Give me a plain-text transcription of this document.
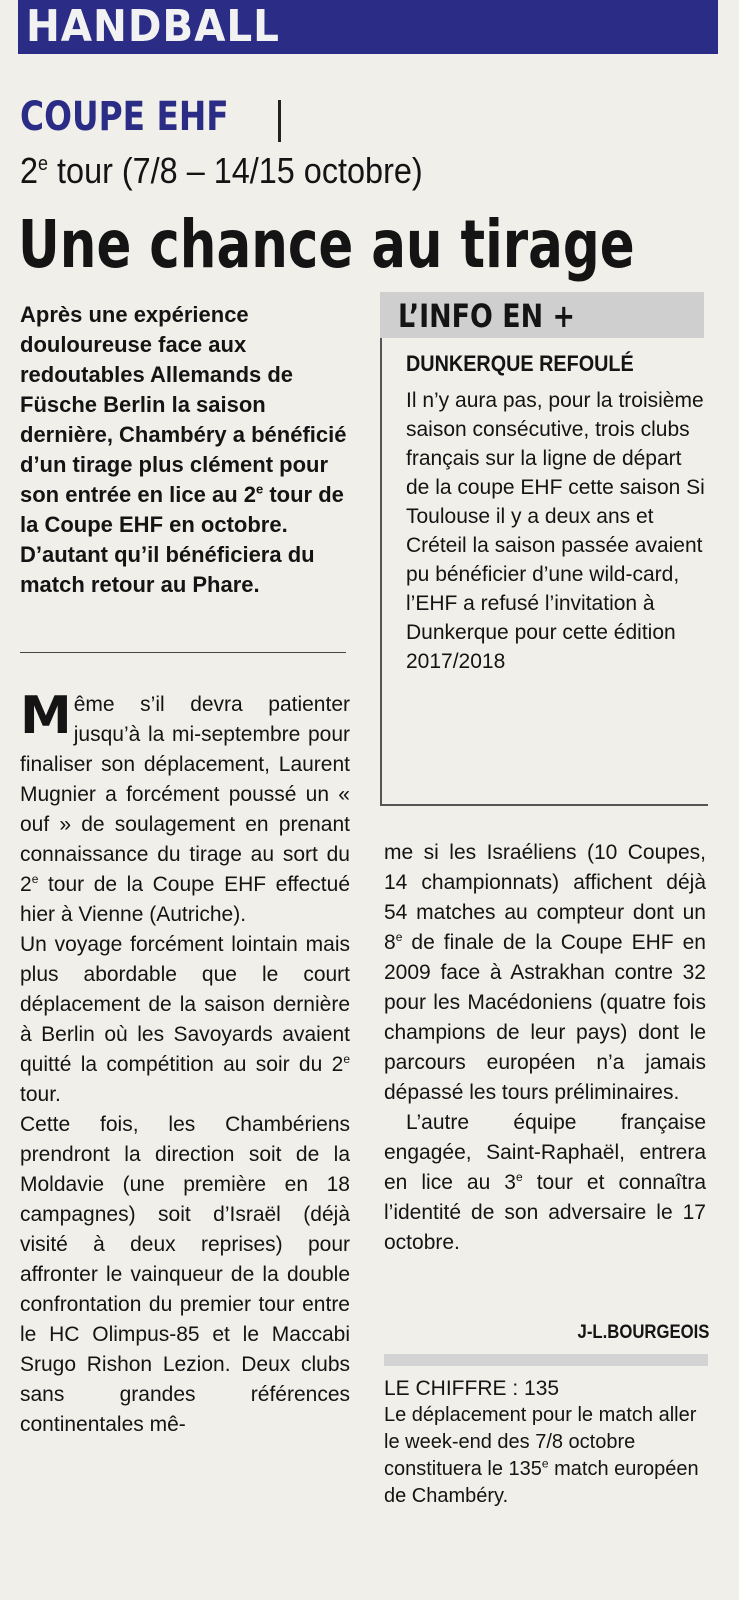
HANDBALL
COUPE EHF
2e tour (7/8 – 14/15 octobre)
Une chance au tirage
Après une expérience douloureuse face aux redoutables Allemands de Füsche Berlin la saison dernière, Chambéry a bénéficié d’un tirage plus clément pour son entrée en lice au 2e tour de la Coupe EHF en octobre. D’autant qu’il bénéficiera du match retour au Phare.
L’INFO EN +
DUNKERQUE REFOULÉ
Il n’y aura pas, pour la troisième saison consécutive, trois clubs français sur la ligne de départ de la coupe EHF cette saison Si Toulouse il y a deux ans et Créteil la saison passée avaient pu bénéficier d’une wild-card, l’EHF a refusé l’invitation à Dunkerque pour cette édition 2017/2018

Même s’il devra patienter jusqu’à la mi-septembre pour finaliser son déplacement, Laurent Mugnier a forcément poussé un « ouf » de soulagement en prenant connaissance du tirage au sort du 2e tour de la Coupe EHF effectué hier à Vienne (Autriche).

Un voyage forcément lointain mais plus abordable que le court déplacement de la saison dernière à Berlin où les Savoyards avaient quitté la compétition au soir du 2e tour.

Cette fois, les Chambériens prendront la direction soit de la Moldavie (une première en 18 campagnes) soit d’Israël (déjà visité à deux reprises) pour affronter le vainqueur de la double confrontation du premier tour entre le HC Olimpus-85 et le Maccabi Srugo Rishon Lezion. Deux clubs sans grandes références continentales mê-

me si les Israéliens (10 Coupes, 14 championnats) affichent déjà 54 matches au compteur dont un 8e de finale de la Coupe EHF en 2009 face à Astrakhan contre 32 pour les Macédoniens (quatre fois champions de leur pays) dont le parcours européen n’a jamais dépassé les tours préliminaires.

L’autre équipe française engagée, Saint-Raphaël, entrera en lice au 3e tour et connaîtra l’identité de son adversaire le 17 octobre.

J-L.BOURGEOIS
LE CHIFFRE : 135
Le déplacement pour le match aller le week-end des 7/8 octobre constituera le 135e match européen de Chambéry.
